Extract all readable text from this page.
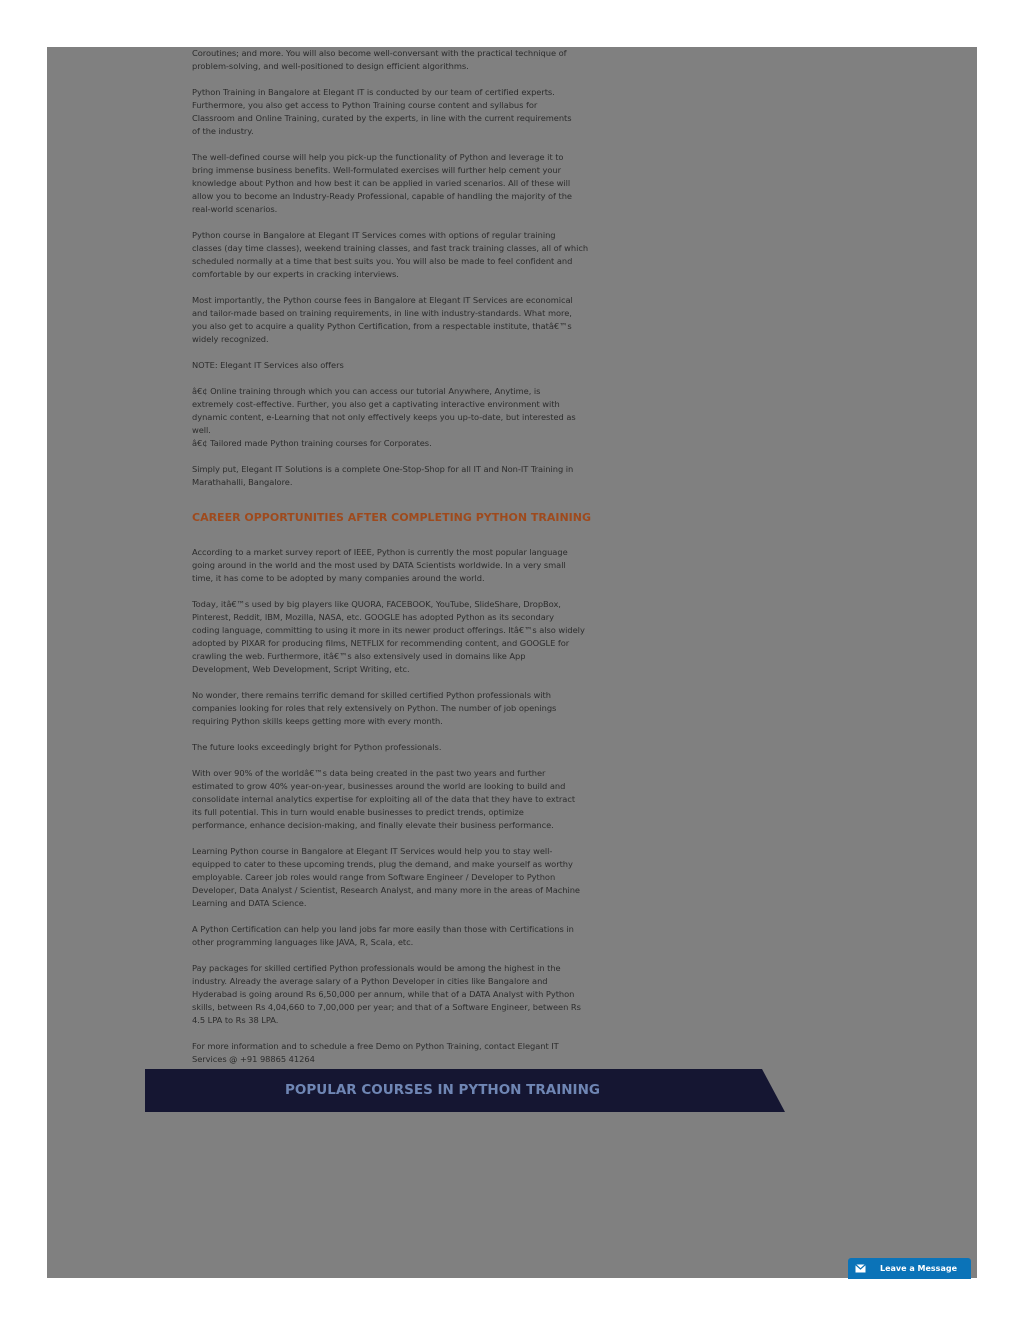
Coroutines; and more. You will also become well-conversant with the practical technique of
problem-solving, and well-positioned to design efficient algorithms.

Python Training in Bangalore at Elegant IT is conducted by our team of certified experts.
Furthermore, you also get access to Python Training course content and syllabus for
Classroom and Online Training, curated by the experts, in line with the current requirements
of the industry.

The well-defined course will help you pick-up the functionality of Python and leverage it to
bring immense business benefits. Well-formulated exercises will further help cement your
knowledge about Python and how best it can be applied in varied scenarios. All of these will
allow you to become an Industry-Ready Professional, capable of handling the majority of the
real-world scenarios.

Python course in Bangalore at Elegant IT Services comes with options of regular training
classes (day time classes), weekend training classes, and fast track training classes, all of which
scheduled normally at a time that best suits you. You will also be made to feel confident and
comfortable by our experts in cracking interviews.

Most importantly, the Python course fees in Bangalore at Elegant IT Services are economical
and tailor-made based on training requirements, in line with industry-standards. What more,
you also get to acquire a quality Python Certification, from a respectable institute, thatâ€™s
widely recognized.

NOTE: Elegant IT Services also offers

â€¢ Online training through which you can access our tutorial Anywhere, Anytime, is
extremely cost-effective. Further, you also get a captivating interactive environment with
dynamic content, e-Learning that not only effectively keeps you up-to-date, but interested as
well.
â€¢ Tailored made Python training courses for Corporates.

Simply put, Elegant IT Solutions is a complete One-Stop-Shop for all IT and Non-IT Training in
Marathahalli, Bangalore.

CAREER OPPORTUNITIES AFTER COMPLETING PYTHON TRAINING

According to a market survey report of IEEE, Python is currently the most popular language
going around in the world and the most used by DATA Scientists worldwide. In a very small
time, it has come to be adopted by many companies around the world.

Today, itâ€™s used by big players like QUORA, FACEBOOK, YouTube, SlideShare, DropBox,
Pinterest, Reddit, IBM, Mozilla, NASA, etc. GOOGLE has adopted Python as its secondary
coding language, committing to using it more in its newer product offerings. Itâ€™s also widely
adopted by PIXAR for producing films, NETFLIX for recommending content, and GOOGLE for
crawling the web. Furthermore, itâ€™s also extensively used in domains like App
Development, Web Development, Script Writing, etc.

No wonder, there remains terrific demand for skilled certified Python professionals with
companies looking for roles that rely extensively on Python. The number of job openings
requiring Python skills keeps getting more with every month.

The future looks exceedingly bright for Python professionals.

With over 90% of the worldâ€™s data being created in the past two years and further
estimated to grow 40% year-on-year, businesses around the world are looking to build and
consolidate internal analytics expertise for exploiting all of the data that they have to extract
its full potential. This in turn would enable businesses to predict trends, optimize
performance, enhance decision-making, and finally elevate their business performance.

Learning Python course in Bangalore at Elegant IT Services would help you to stay well-
equipped to cater to these upcoming trends, plug the demand, and make yourself as worthy
employable. Career job roles would range from Software Engineer / Developer to Python
Developer, Data Analyst / Scientist, Research Analyst, and many more in the areas of Machine
Learning and DATA Science.

A Python Certification can help you land jobs far more easily than those with Certifications in
other programming languages like JAVA, R, Scala, etc.

Pay packages for skilled certified Python professionals would be among the highest in the
industry. Already the average salary of a Python Developer in cities like Bangalore and
Hyderabad is going around Rs 6,50,000 per annum, while that of a DATA Analyst with Python
skills, between Rs 4,04,660 to 7,00,000 per year; and that of a Software Engineer, between Rs
4.5 LPA to Rs 38 LPA.

For more information and to schedule a free Demo on Python Training, contact Elegant IT
Services @ +91 98865 41264

POPULAR COURSES IN PYTHON TRAINING
Leave a Message
